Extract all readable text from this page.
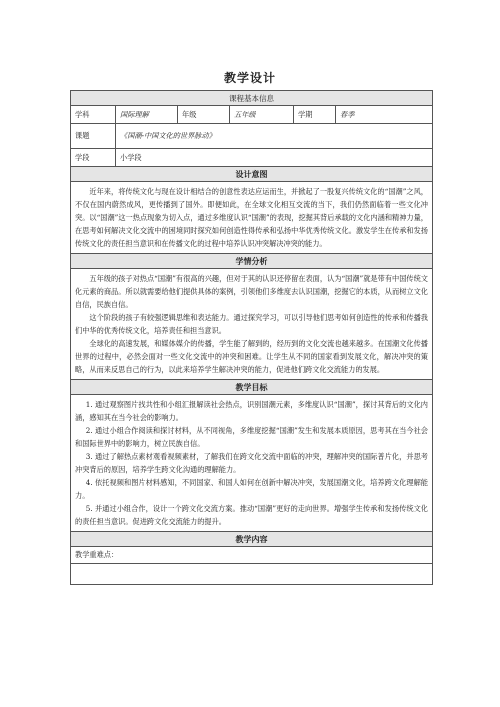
教学设计
课程基本信息					
学科	国际理解	年级	五年级	学期	春季
课题	《国潮-中国文化的世界脉动》				
学段	小学段				
设计意图					

近年来，将传统文化与现在设计相结合的创意性表达应运而生，并掀起了一股复兴传统文化的“国潮”之风，不仅在国内蔚然成风，更传播到了国外。即便如此，在全球文化相互交流的当下，我们仍然面临着一些文化冲突。以“国潮”这一热点现象为切入点，通过多维度认识“国潮”的表现，挖掘其背后承载的文化内涵和精神力量，在思考如何解决文化交流中的困境同时探究如何创造性得传承和弘扬中华优秀传统文化。激发学生在传承和发扬传统文化的责任担当意识和在传播文化的过程中培养认识冲突解决冲突的能力。					

学情分析					

五年级的孩子对热点“国潮”有很高的兴趣，但对于其的认识还停留在表面，认为“国潮”就是带有中国传统文化元素的商品。所以就需要给他们提供具体的案例，引领他们多维度去认识国潮，挖掘它的本质，从而树立文化自信，民族自信。

这个阶段的孩子有较强逻辑思维和表达能力。通过探究学习，可以引导他们思考如何创造性的传承和传播我们中华的优秀传统文化，培养责任和担当意识。

全球化的高速发展，和媒体媒介的传播，学生能了解到的，经历到的文化交流也越来越多。在国潮文化传播世界的过程中，必然会面对一些文化交流中的冲突和困难。让学生从不同的国家看到发展文化，解决冲突的策略，从而来反思自己的行为，以此来培养学生解决冲突的能力，促进他们跨文化交流能力的发展。					

教学目标					

1. 通过观察图片找共性和小组汇报解读社会热点，识别国潮元素，多维度认识“国潮”，探讨其背后的文化内涵，感知其在当今社会的影响力。

2. 通过小组合作阅读和探讨材料，从不同视角，多维度挖掘“国潮”发生和发展本质原因，思考其在当今社会和国际世界中的影响力，树立民族自信。

3. 通过了解热点素材观看视频素材，了解我们在跨文化交流中面临的冲突，理解冲突的国际普片化，并思考冲突背后的原因，培养学生跨文化沟通的理解能力。

4. 依托视频和图片材料感知，不同国家、和国人如何在创新中解决冲突，发展国潮文化，培养跨文化理解能力。

5. 并通过小组合作，设计一个跨文化交流方案。推动“国潮”更好的走向世界。增强学生传承和发扬传统文化的责任担当意识。促进跨文化交流能力的提升。					

教学内容					
教学重难点：					
